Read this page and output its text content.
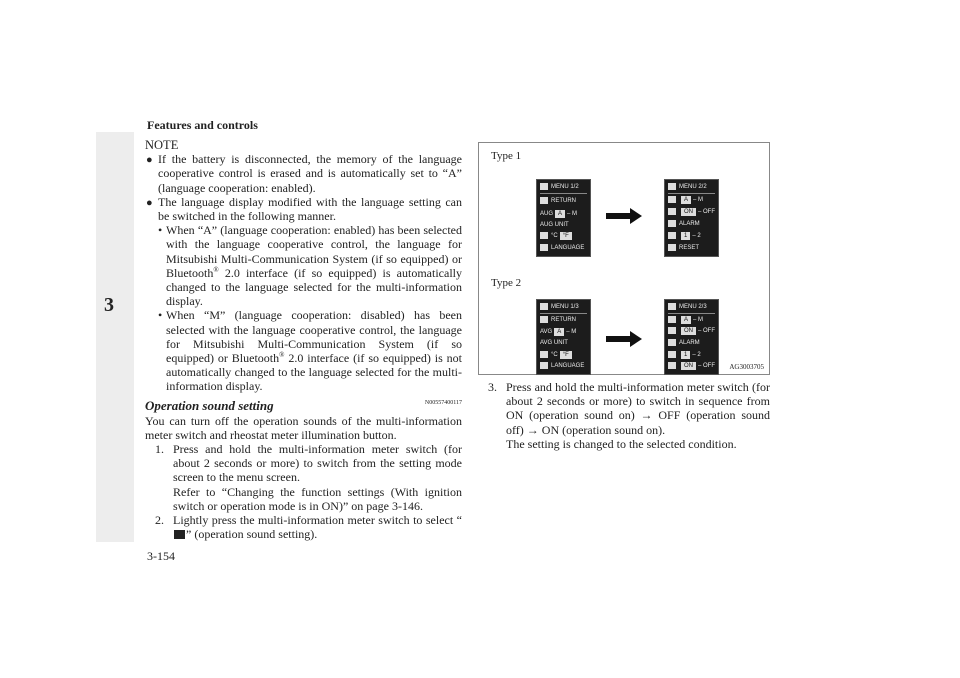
3
Features and controls
3-154

NOTE

● If the battery is disconnected, the memory of the language cooperative control is erased and is automatically set to “A” (language cooperation: enabled).

● The language display modified with the language setting can be switched in the following manner.

• When “A” (language cooperation: enabled) has been selected with the language cooperative control, the language for Mitsubishi Multi-Communication System (if so equipped) or Bluetooth® 2.0 interface (if so equipped) is automatically changed to the language selected for the multi-information display.

• When “M” (language cooperation: disabled) has been selected with the language cooperative control, the language for Mitsubishi Multi-Communication System (if so equipped) or Bluetooth® 2.0 interface (if so equipped) is not automatically changed to the language selected for the multi-information display.

Operation sound setting	N00557400117

You can turn off the operation sounds of the multi-information meter switch and rheostat meter illumination button.

1. Press and hold the multi-information meter switch (for about 2 seconds or more) to switch from the setting mode screen to the menu screen.
Refer to “Changing the function settings (With ignition switch or operation mode is in ON)” on page 3-146.

2. Lightly press the multi-information meter switch to select “” (operation sound setting).

Type 1
Type 2
MENU 1/2
RETURN
AUG A – M
AUG UNIT
°C °F
LANGUAGE
MENU 2/2
A – M
ON – OFF
ALARM
1 – 2
RESET
MENU 1/3
RETURN
AVG A – M
AVG UNIT
°C °F
LANGUAGE
MENU 2/3
A – M
ON – OFF
ALARM
1 – 2
ON – OFF AG3003705

3. Press and hold the multi-information meter switch (for about 2 seconds or more) to switch in sequence from ON (operation sound on) → OFF (operation sound off) → ON (operation sound on).
The setting is changed to the selected condition.
